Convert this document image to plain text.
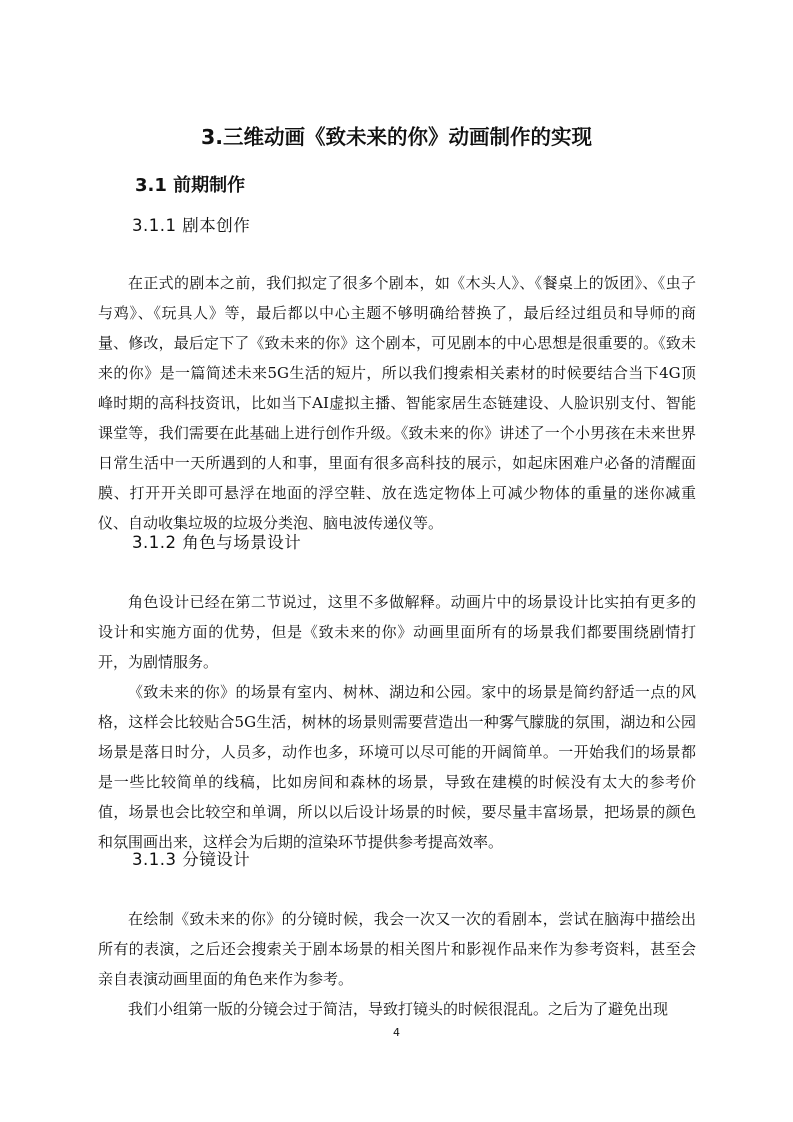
3.三维动画《致未来的你》动画制作的实现
3.1 前期制作
3.1.1 剧本创作

在正式的剧本之前，我们拟定了很多个剧本，如《木头人》、《餐桌上的饭团》、《虫子与鸡》、《玩具人》等，最后都以中心主题不够明确给替换了，最后经过组员和导师的商量、修改，最后定下了《致未来的你》这个剧本，可见剧本的中心思想是很重要的。《致未来的你》是一篇简述未来5G生活的短片，所以我们搜索相关素材的时候要结合当下4G顶峰时期的高科技资讯，比如当下AI虚拟主播、智能家居生态链建设、人脸识别支付、智能课堂等，我们需要在此基础上进行创作升级。《致未来的你》讲述了一个小男孩在未来世界日常生活中一天所遇到的人和事，里面有很多高科技的展示，如起床困难户必备的清醒面膜、打开开关即可悬浮在地面的浮空鞋、放在选定物体上可减少物体的重量的迷你减重仪、自动收集垃圾的垃圾分类泡、脑电波传递仪等。

3.1.2 角色与场景设计

角色设计已经在第二节说过，这里不多做解释。动画片中的场景设计比实拍有更多的设计和实施方面的优势，但是《致未来的你》动画里面所有的场景我们都要围绕剧情打开，为剧情服务。

《致未来的你》的场景有室内、树林、湖边和公园。家中的场景是简约舒适一点的风格，这样会比较贴合5G生活，树林的场景则需要营造出一种雾气朦胧的氛围，湖边和公园场景是落日时分，人员多，动作也多，环境可以尽可能的开阔简单。一开始我们的场景都是一些比较简单的线稿，比如房间和森林的场景，导致在建模的时候没有太大的参考价值，场景也会比较空和单调，所以以后设计场景的时候，要尽量丰富场景，把场景的颜色和氛围画出来，这样会为后期的渲染环节提供参考提高效率。

3.1.3 分镜设计

在绘制《致未来的你》的分镜时候，我会一次又一次的看剧本，尝试在脑海中描绘出所有的表演，之后还会搜索关于剧本场景的相关图片和影视作品来作为参考资料，甚至会亲自表演动画里面的角色来作为参考。

我们小组第一版的分镜会过于简洁，导致打镜头的时候很混乱。之后为了避免出现

4
